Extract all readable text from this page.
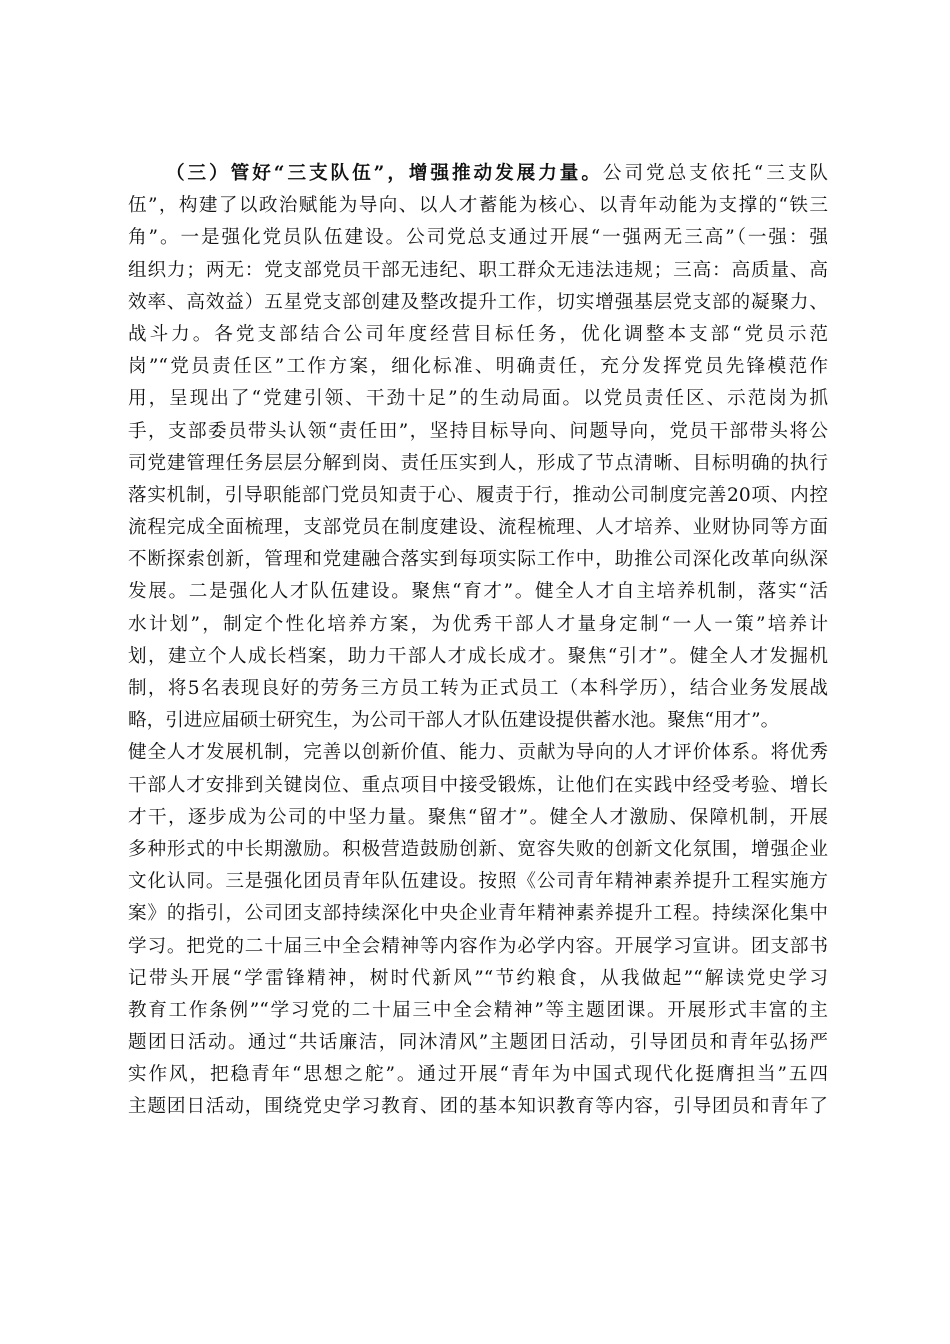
（三）管好“三支队伍”，增强推动发展力量。公司党总支依托“三支队
伍”，构建了以政治赋能为导向、以人才蓄能为核心、以青年动能为支撑的“铁三
角”。一是强化党员队伍建设。公司党总支通过开展“一强两无三高”（一强：强
组织力；两无：党支部党员干部无违纪、职工群众无违法违规；三高：高质量、高
效率、高效益）五星党支部创建及整改提升工作，切实增强基层党支部的凝聚力、
战斗力。各党支部结合公司年度经营目标任务，优化调整本支部“党员示范
岗”“党员责任区”工作方案，细化标准、明确责任，充分发挥党员先锋模范作
用，呈现出了“党建引领、干劲十足”的生动局面。以党员责任区、示范岗为抓
手，支部委员带头认领“责任田”，坚持目标导向、问题导向，党员干部带头将公
司党建管理任务层层分解到岗、责任压实到人，形成了节点清晰、目标明确的执行
落实机制，引导职能部门党员知责于心、履责于行，推动公司制度完善20项、内控
流程完成全面梳理，支部党员在制度建设、流程梳理、人才培养、业财协同等方面
不断探索创新，管理和党建融合落实到每项实际工作中，助推公司深化改革向纵深
发展。二是强化人才队伍建设。聚焦“育才”。健全人才自主培养机制，落实“活
水计划”，制定个性化培养方案，为优秀干部人才量身定制“一人一策”培养计
划，建立个人成长档案，助力干部人才成长成才。聚焦“引才”。健全人才发掘机
制，将5名表现良好的劳务三方员工转为正式员工（本科学历），结合业务发展战
略，引进应届硕士研究生，为公司干部人才队伍建设提供蓄水池。聚焦“用才”。
健全人才发展机制，完善以创新价值、能力、贡献为导向的人才评价体系。将优秀
干部人才安排到关键岗位、重点项目中接受锻炼，让他们在实践中经受考验、增长
才干，逐步成为公司的中坚力量。聚焦“留才”。健全人才激励、保障机制，开展
多种形式的中长期激励。积极营造鼓励创新、宽容失败的创新文化氛围，增强企业
文化认同。三是强化团员青年队伍建设。按照《公司青年精神素养提升工程实施方
案》的指引，公司团支部持续深化中央企业青年精神素养提升工程。持续深化集中
学习。把党的二十届三中全会精神等内容作为必学内容。开展学习宣讲。团支部书
记带头开展“学雷锋精神，树时代新风”“节约粮食，从我做起”“解读党史学习
教育工作条例”“学习党的二十届三中全会精神”等主题团课。开展形式丰富的主
题团日活动。通过“共话廉洁，同沐清风”主题团日活动，引导团员和青年弘扬严
实作风，把稳青年“思想之舵”。通过开展“青年为中国式现代化挺膺担当”五四
主题团日活动，围绕党史学习教育、团的基本知识教育等内容，引导团员和青年了
